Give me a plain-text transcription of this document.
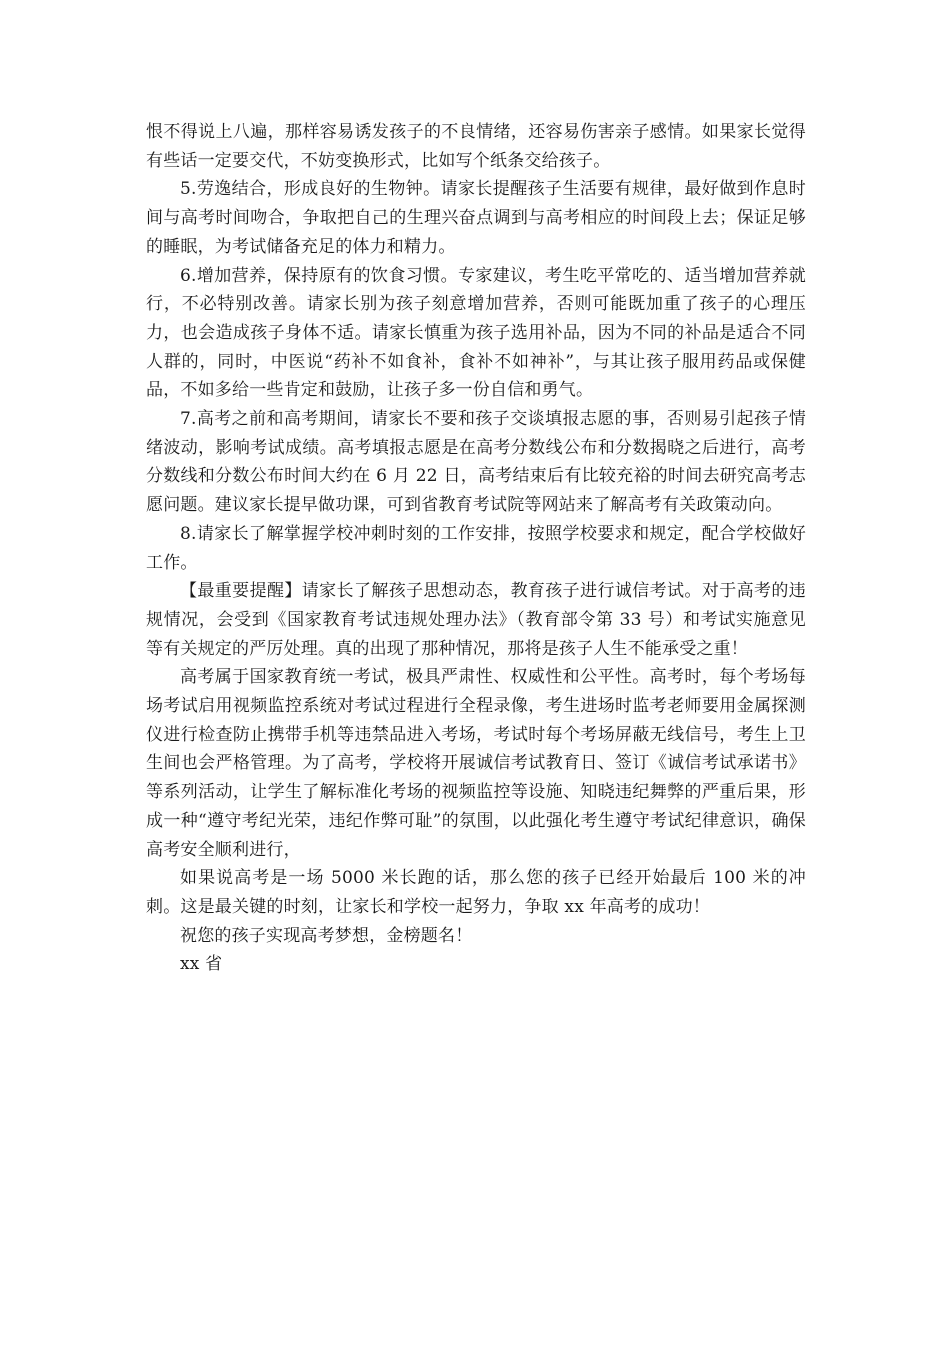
恨不得说上八遍，那样容易诱发孩子的不良情绪，还容易伤害亲子感情。如果家长觉得有些话一定要交代，不妨变换形式，比如写个纸条交给孩子。

5.劳逸结合，形成良好的生物钟。请家长提醒孩子生活要有规律，最好做到作息时间与高考时间吻合，争取把自己的生理兴奋点调到与高考相应的时间段上去；保证足够的睡眠，为考试储备充足的体力和精力。

6.增加营养，保持原有的饮食习惯。专家建议，考生吃平常吃的、适当增加营养就行，不必特别改善。请家长别为孩子刻意增加营养，否则可能既加重了孩子的心理压力，也会造成孩子身体不适。请家长慎重为孩子选用补品，因为不同的补品是适合不同人群的，同时，中医说“药补不如食补，食补不如神补”，与其让孩子服用药品或保健品，不如多给一些肯定和鼓励，让孩子多一份自信和勇气。

7.高考之前和高考期间，请家长不要和孩子交谈填报志愿的事，否则易引起孩子情绪波动，影响考试成绩。高考填报志愿是在高考分数线公布和分数揭晓之后进行，高考分数线和分数公布时间大约在 6 月 22 日，高考结束后有比较充裕的时间去研究高考志愿问题。建议家长提早做功课，可到省教育考试院等网站来了解高考有关政策动向。

8.请家长了解掌握学校冲刺时刻的工作安排，按照学校要求和规定，配合学校做好工作。

【最重要提醒】请家长了解孩子思想动态，教育孩子进行诚信考试。对于高考的违规情况，会受到《国家教育考试违规处理办法》（教育部令第 33 号）和考试实施意见等有关规定的严厉处理。真的出现了那种情况，那将是孩子人生不能承受之重！

高考属于国家教育统一考试，极具严肃性、权威性和公平性。高考时，每个考场每场考试启用视频监控系统对考试过程进行全程录像，考生进场时监考老师要用金属探测仪进行检查防止携带手机等违禁品进入考场，考试时每个考场屏蔽无线信号，考生上卫生间也会严格管理。为了高考，学校将开展诚信考试教育日、签订《诚信考试承诺书》等系列活动，让学生了解标准化考场的视频监控等设施、知晓违纪舞弊的严重后果，形成一种“遵守考纪光荣，违纪作弊可耻”的氛围，以此强化考生遵守考试纪律意识，确保高考安全顺利进行，

如果说高考是一场 5000 米长跑的话，那么您的孩子已经开始最后 100 米的冲刺。这是最关键的时刻，让家长和学校一起努力，争取 xx 年高考的成功！

祝您的孩子实现高考梦想，金榜题名！

xx 省
